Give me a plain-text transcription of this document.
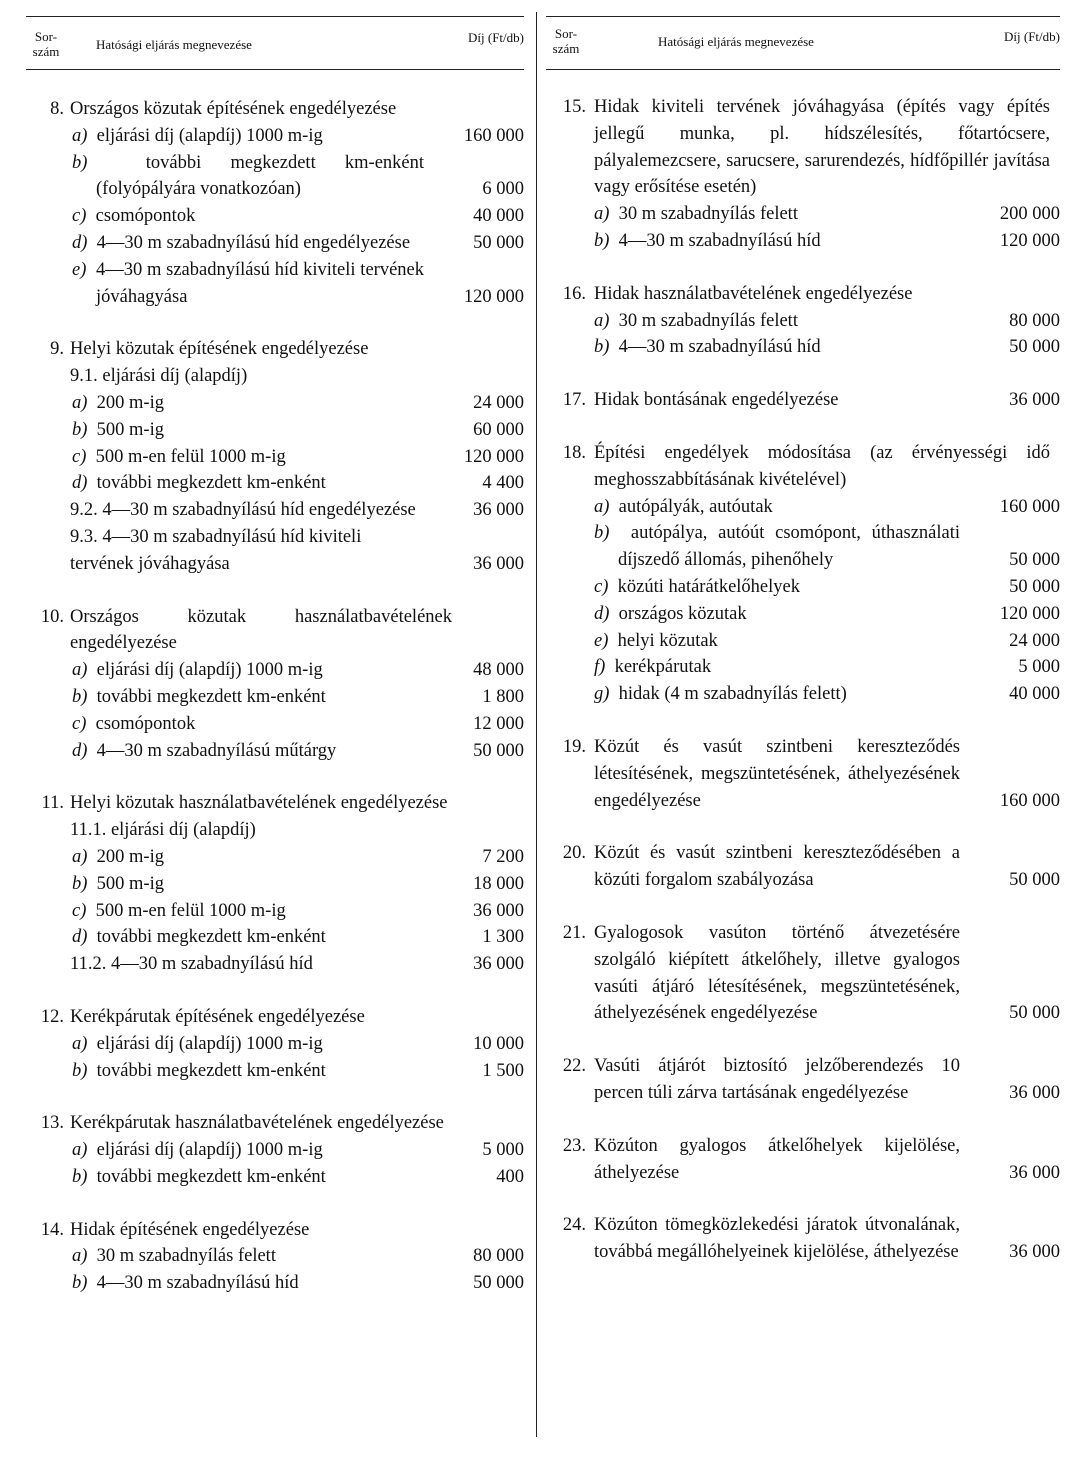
Sor-
szám	Hatósági eljárás megnevezése	Díj (Ft/db)
8. Országos közutak építésének engedélyezése
a) eljárási díj (alapdíj) 1000 m-ig	160 000
b)	további megkezdett km-enként (folyópályára vonatkozóan)	6 000
c) csomópontok	40 000
d) 4—30 m szabadnyílású híd engedélyezése	50 000
e) 4—30 m szabadnyílású híd kiviteli tervének jóváhagyása	120 000
9. Helyi közutak építésének engedélyezése
9.1. eljárási díj (alapdíj)
a) 200 m-ig	24 000
b) 500 m-ig	60 000
c) 500 m-en felül 1000 m-ig	120 000
d) további megkezdett km-enként	4 400
9.2. 4—30 m szabadnyílású híd engedélyezése	36 000
9.3. 4—30 m szabadnyílású híd kiviteli tervének jóváhagyása	36 000
10. Országos közutak használatbavételének engedélyezése
a) eljárási díj (alapdíj) 1000 m-ig	48 000
b) további megkezdett km-enként	1 800
c) csomópontok	12 000
d) 4—30 m szabadnyílású műtárgy	50 000
11. Helyi közutak használatbavételének engedélyezése
11.1. eljárási díj (alapdíj)
a) 200 m-ig	7 200
b) 500 m-ig	18 000
c) 500 m-en felül 1000 m-ig	36 000
d) további megkezdett km-enként	1 300
11.2. 4—30 m szabadnyílású híd	36 000
12. Kerékpárutak építésének engedélyezése
a) eljárási díj (alapdíj) 1000 m-ig	10 000
b) további megkezdett km-enként	1 500
13. Kerékpárutak használatbavételének engedélyezése
a) eljárási díj (alapdíj) 1000 m-ig	5 000
b) további megkezdett km-enként	400
14. Hidak építésének engedélyezése
a) 30 m szabadnyílás felett	80 000
b) 4—30 m szabadnyílású híd	50 000
Sor-
szám	Hatósági eljárás megnevezése	Díj (Ft/db)
15. Hidak kiviteli tervének jóváhagyása (építés vagy építés jellegű munka, pl. hídszélesítés, főtartócsere, pályalemezcsere, sarucsere, sarurendezés, hídfőpillér javítása vagy erősítése esetén)
a) 30 m szabadnyílás felett	200 000
b) 4—30 m szabadnyílású híd	120 000
16. Hidak használatbavételének engedélyezése
a) 30 m szabadnyílás felett	80 000
b) 4—30 m szabadnyílású híd	50 000
17. Hidak bontásának engedélyezése	36 000
18. Építési engedélyek módosítása (az érvényességi idő meghosszabbításának kivételével)
a) autópályák, autóutak	160 000
b) autópálya, autóút csomópont, úthasználati díjszedő állomás, pihenőhely	50 000
c) közúti határátkelőhelyek	50 000
d) országos közutak	120 000
e) helyi közutak	24 000
f) kerékpárutak	5 000
g) hidak (4 m szabadnyílás felett)	40 000
19. Közút és vasút szintbeni kereszteződés létesítésének, megszüntetésének, áthelyezésének engedélyezése	160 000
20. Közút és vasút szintbeni kereszteződésében a közúti forgalom szabályozása	50 000
21. Gyalogosok vasúton történő átvezetésére szolgáló kiépített átkelőhely, illetve gyalogos vasúti átjáró létesítésének, megszüntetésének, áthelyezésének engedélyezése	50 000
22. Vasúti átjárót biztosító jelzőberendezés 10 percen túli zárva tartásának engedélyezése	36 000
23. Közúton gyalogos átkelőhelyek kijelölése, áthelyezése	36 000
24. Közúton tömegközlekedési járatok útvonalának, továbbá megállóhelyeinek kijelölése, áthelyezése	36 000
